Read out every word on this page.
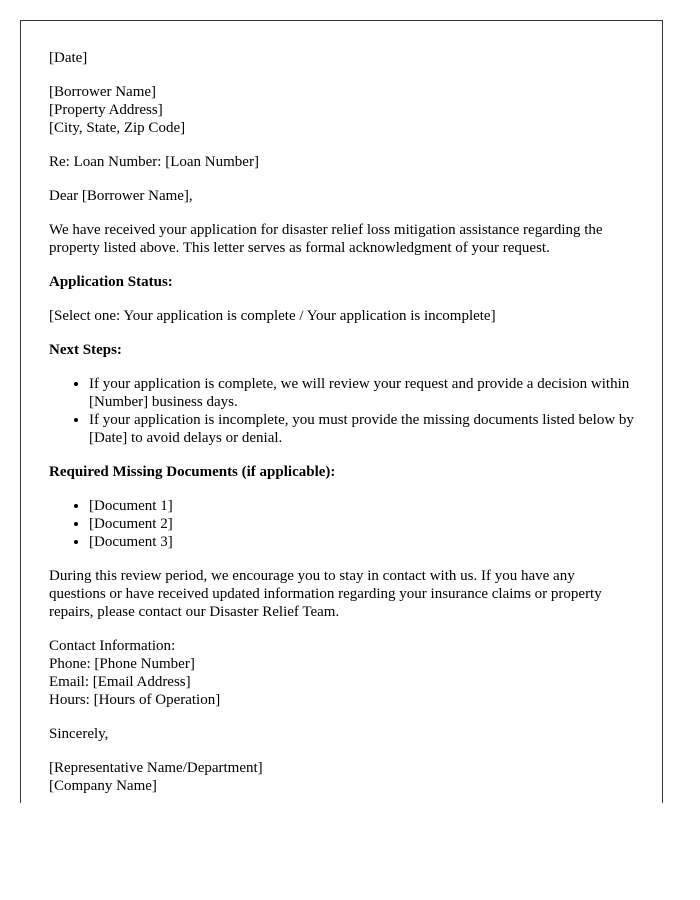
[Date]

[Borrower Name]
[Property Address]
[City, State, Zip Code]

Re: Loan Number: [Loan Number]

Dear [Borrower Name],

We have received your application for disaster relief loss mitigation assistance regarding the property listed above. This letter serves as formal acknowledgment of your request.

Application Status:

[Select one: Your application is complete / Your application is incomplete]

Next Steps:

• If your application is complete, we will review your request and provide a decision within [Number] business days.
• If your application is incomplete, you must provide the missing documents listed below by [Date] to avoid delays or denial.

Required Missing Documents (if applicable):

• [Document 1]
• [Document 2]
• [Document 3]

During this review period, we encourage you to stay in contact with us. If you have any questions or have received updated information regarding your insurance claims or property repairs, please contact our Disaster Relief Team.

Contact Information:
Phone: [Phone Number]
Email: [Email Address]
Hours: [Hours of Operation]

Sincerely,

[Representative Name/Department]
[Company Name]
